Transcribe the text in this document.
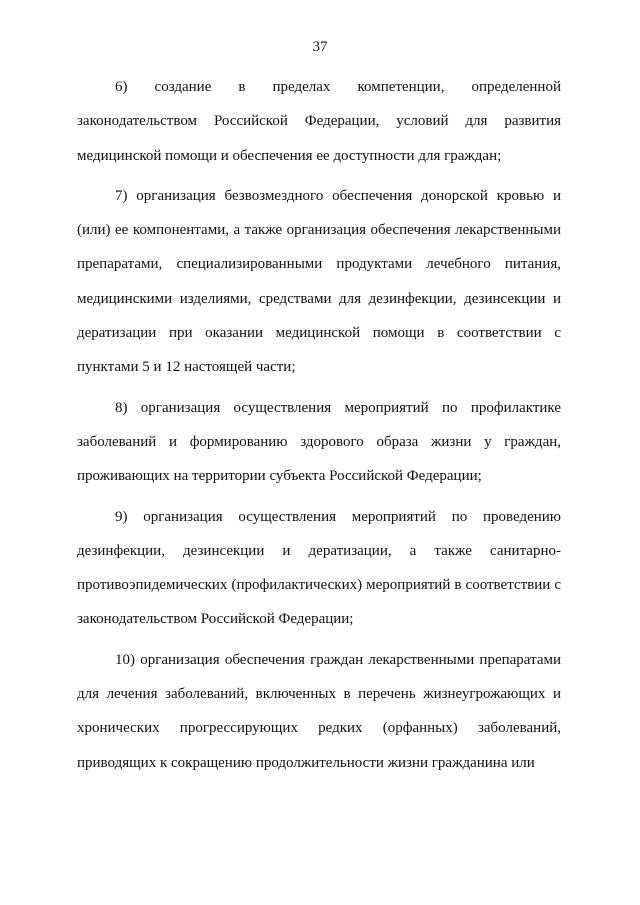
37

6) создание в пределах компетенции, определенной законодательством Российской Федерации, условий для развития медицинской помощи и обеспечения ее доступности для граждан;

7) организация безвозмездного обеспечения донорской кровью и (или) ее компонентами, а также организация обеспечения лекарственными препаратами, специализированными продуктами лечебного питания, медицинскими изделиями, средствами для дезинфекции, дезинсекции и дератизации при оказании медицинской помощи в соответствии с пунктами 5 и 12 настоящей части;

8) организация осуществления мероприятий по профилактике заболеваний и формированию здорового образа жизни у граждан, проживающих на территории субъекта Российской Федерации;

9) организация осуществления мероприятий по проведению дезинфекции, дезинсекции и дератизации, а также санитарно-противоэпидемических (профилактических) мероприятий в соответствии с законодательством Российской Федерации;

10) организация обеспечения граждан лекарственными препаратами для лечения заболеваний, включенных в перечень жизнеугрожающих и хронических прогрессирующих редких (орфанных) заболеваний, приводящих к сокращению продолжительности жизни гражданина или
